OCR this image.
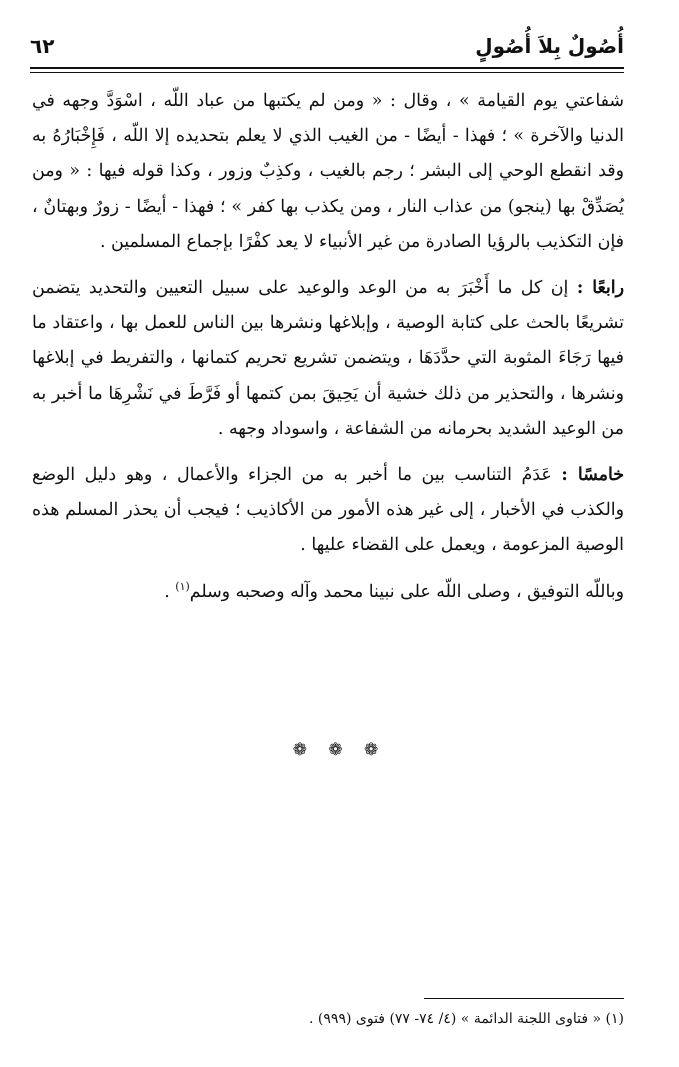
أُصُولٌ بِلاَ أُصُولٍ
٦٢

شفاعتي يوم القيامة » ، وقال : « ومن لم يكتبها من عباد اللّه ، اسْوَدَّ وجهه في الدنيا والآخرة » ؛ فهذا - أيضًا - من الغيب الذي لا يعلم بتحديده إلا اللّه ، فَإِخْبَارُهُ به وقد انقطع الوحي إلى البشر ؛ رجم بالغيب ، وكذِبٌ وزور ، وكذا قوله فيها : « ومن يُصَدِّقْ بها (ينجو) من عذاب النار ، ومن يكذب بها كفر » ؛ فهذا - أيضًا - زورٌ وبهتانٌ ، فإن التكذيب بالرؤيا الصادرة من غير الأنبياء لا يعد كفْرًا بإجماع المسلمين .

رابعًا : إن كل ما أَخْبَرَ به من الوعد والوعيد على سبيل التعيين والتحديد يتضمن تشريعًا بالحث على كتابة الوصية ، وإبلاغها ونشرها بين الناس للعمل بها ، واعتقاد ما فيها رَجَاءَ المثوبة التي حدَّدَهَا ، ويتضمن تشريع تحريم كتمانها ، والتفريط في إبلاغها ونشرها ، والتحذير من ذلك خشية أن يَحِيقَ بمن كتمها أو فَرَّطَ في نَشْرِهَا ما أخبر به من الوعيد الشديد بحرمانه من الشفاعة ، واسوداد وجهه .

خامسًا : عَدَمُ التناسب بين ما أخبر به من الجزاء والأعمال ، وهو دليل الوضع والكذب في الأخبار ، إلى غير هذه الأمور من الأكاذيب ؛ فيجب أن يحذر المسلم هذه الوصية المزعومة ، ويعمل على القضاء عليها .

وباللّه التوفيق ، وصلى اللّه على نبينا محمد وآله وصحبه وسلم$^{(١)}$ .

❁ ❁ ❁
(١) « فتاوى اللجنة الدائمة » (٤/ ٧٤- ٧٧) فتوى (٩٩٩) .
